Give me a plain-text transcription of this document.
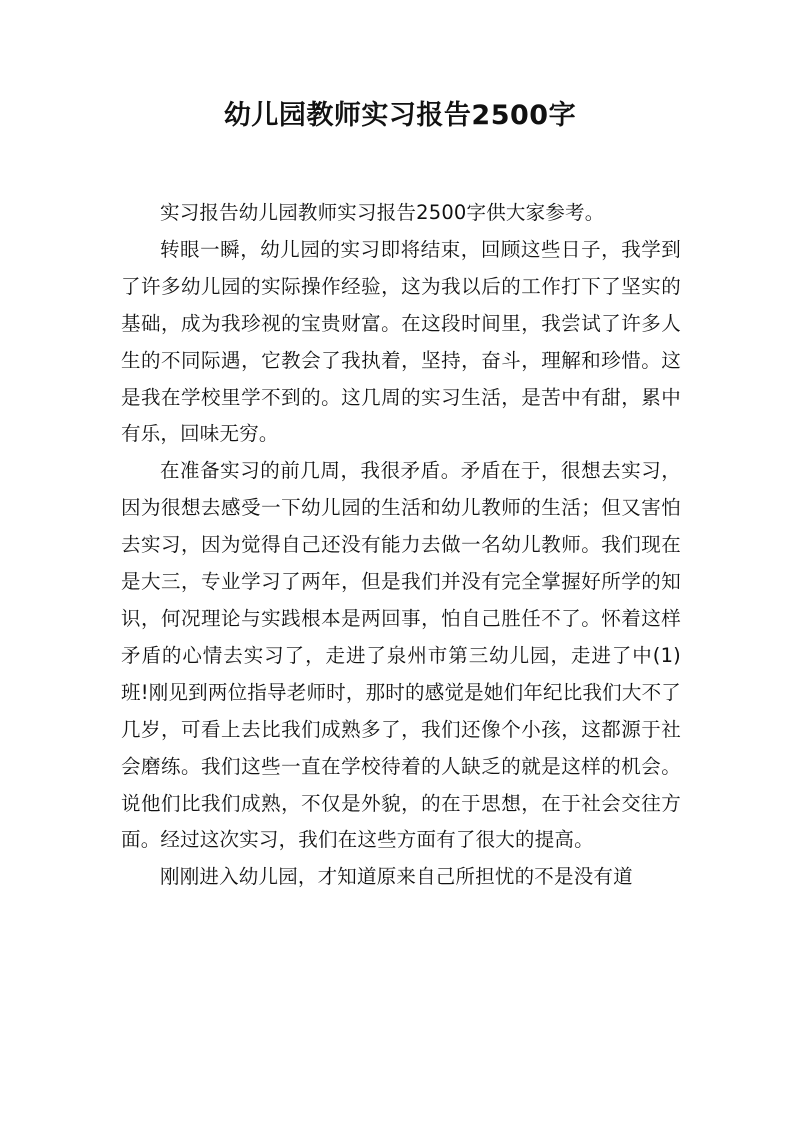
幼儿园教师实习报告2500字

实习报告幼儿园教师实习报告2500字供大家参考。

转眼一瞬，幼儿园的实习即将结束，回顾这些日子，我学到了许多幼儿园的实际操作经验，这为我以后的工作打下了坚实的基础，成为我珍视的宝贵财富。在这段时间里，我尝试了许多人生的不同际遇，它教会了我执着，坚持，奋斗，理解和珍惜。这是我在学校里学不到的。这几周的实习生活，是苦中有甜，累中有乐，回味无穷。

在准备实习的前几周，我很矛盾。矛盾在于，很想去实习，因为很想去感受一下幼儿园的生活和幼儿教师的生活；但又害怕去实习，因为觉得自己还没有能力去做一名幼儿教师。我们现在是大三，专业学习了两年，但是我们并没有完全掌握好所学的知识，何况理论与实践根本是两回事，怕自己胜任不了。怀着这样矛盾的心情去实习了，走进了泉州市第三幼儿园，走进了中(1)班!刚见到两位指导老师时，那时的感觉是她们年纪比我们大不了几岁，可看上去比我们成熟多了，我们还像个小孩，这都源于社会磨练。我们这些一直在学校待着的人缺乏的就是这样的机会。说他们比我们成熟，不仅是外貌，的在于思想，在于社会交往方面。经过这次实习，我们在这些方面有了很大的提高。

刚刚进入幼儿园，才知道原来自己所担忧的不是没有道
